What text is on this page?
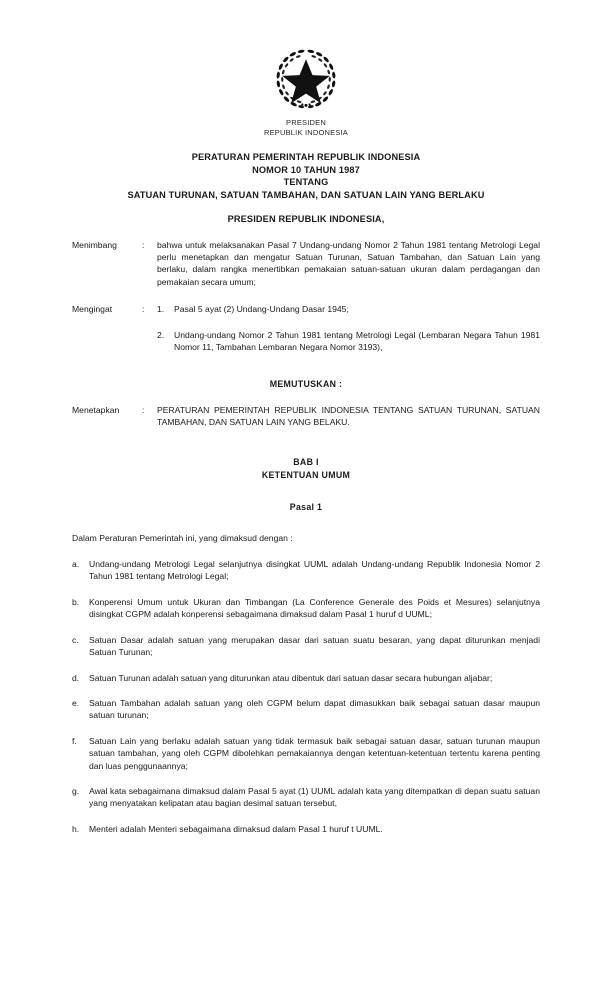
PRESIDEN
REPUBLIK INDONESIA
PERATURAN PEMERINTAH REPUBLIK INDONESIA
NOMOR 10 TAHUN 1987
TENTANG
SATUAN TURUNAN, SATUAN TAMBAHAN, DAN SATUAN LAIN YANG BERLAKU
PRESIDEN REPUBLIK INDONESIA,
Menimbang	:	bahwa untuk melaksanakan Pasal 7 Undang-undang Nomor 2 Tahun 1981 tentang Metrologi Legal perlu menetapkan dan mengatur Satuan Turunan, Satuan Tambahan, dan Satuan Lain yang berlaku, dalam rangka menertibkan pemakaian satuan-satuan ukuran dalam perdagangan dan pemakaian secara umum;
Mengingat	:	1.	Pasal 5 ayat (2) Undang-Undang Dasar 1945;
2.	Undang-undang Nomor 2 Tahun 1981 tentang Metrologi Legal (Lembaran Negara Tahun 1981 Nomor 11, Tambahan Lembaran Negara Nomor 3193),
MEMUTUSKAN :
Menetapkan	:	PERATURAN PEMERINTAH REPUBLIK INDONESIA TENTANG SATUAN TURUNAN, SATUAN TAMBAHAN, DAN SATUAN LAIN YANG BELAKU.
BAB I
KETENTUAN UMUM
Pasal 1
Dalam Peraturan Pemerintah ini, yang dimaksud dengan :
a.	Undang-undang Metrologi Legal selanjutnya disingkat UUML adalah Undang-undang Republik Indonesia Nomor 2 Tahun 1981 tentang Metrologi Legal;
b.	Konperensi Umum untuk Ukuran dan Timbangan (La Conference Generale des Poids et Mesures) selanjutnya disingkat CGPM adalah konperensi sebagaimana dimaksud dalam Pasal 1 huruf d UUML;
c.	Satuan Dasar adalah satuan yang merupakan dasar dari satuan suatu besaran, yang dapat diturunkan menjadi Satuan Turunan;
d.	Satuan Turunan adalah satuan yang diturunkan atau dibentuk dari satuan dasar secara hubungan aljabar;
e.	Satuan Tambahan adalah satuan yang oleh CGPM belum dapat dimasukkan baik sebagai satuan dasar maupun satuan turunan;
f.	Satuan Lain yang berlaku adalah satuan yang tidak termasuk baik sebagai satuan dasar, satuan turunan maupun satuan tambahan, yang oleh CGPM dibolehkan pemakaiannya dengan ketentuan-ketentuan tertentu karena penting dan luas penggunaannya;
g.	Awal kata sebagaimana dimaksud dalam Pasal 5 ayat (1) UUML adalah kata yang ditempatkan di depan suatu satuan yang menyatakan kelipatan atau bagian desimal satuan tersebut,
h.	Menteri adalah Menteri sebagaimana dimaksud dalam Pasal 1 huruf t UUML.
